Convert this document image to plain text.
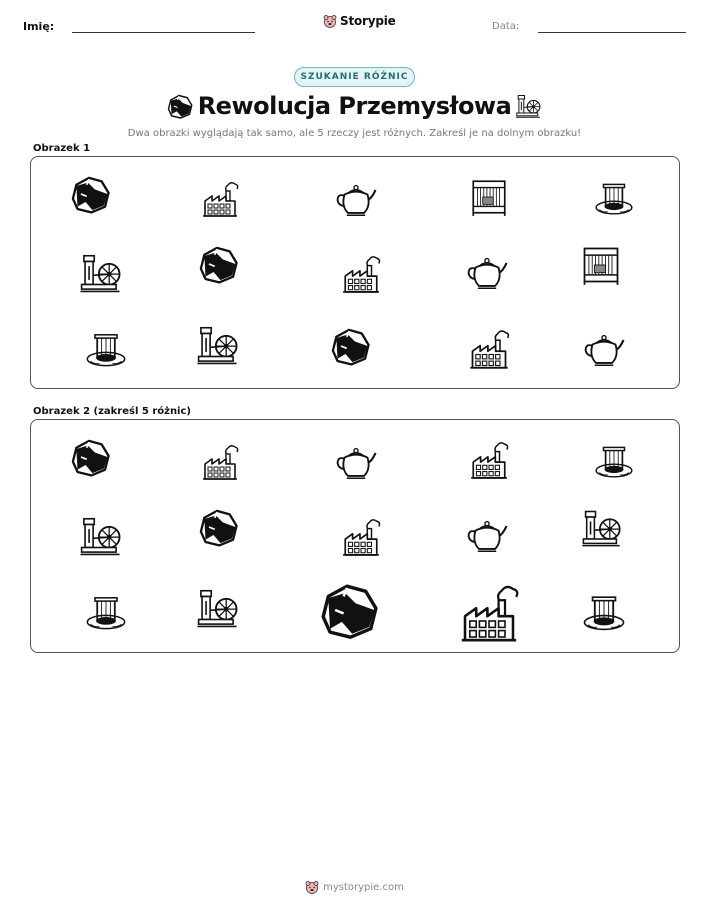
Imię:	Storypie	Data:
SZUKANIE RÓŻNIC
Rewolucja Przemysłowa
Dwa obrazki wyglądają tak samo, ale 5 rzeczy jest różnych. Zakreśl je na dolnym obrazku!
Obrazek 1
Obrazek 2 (zakreśl 5 różnic)
mystorypie.com
